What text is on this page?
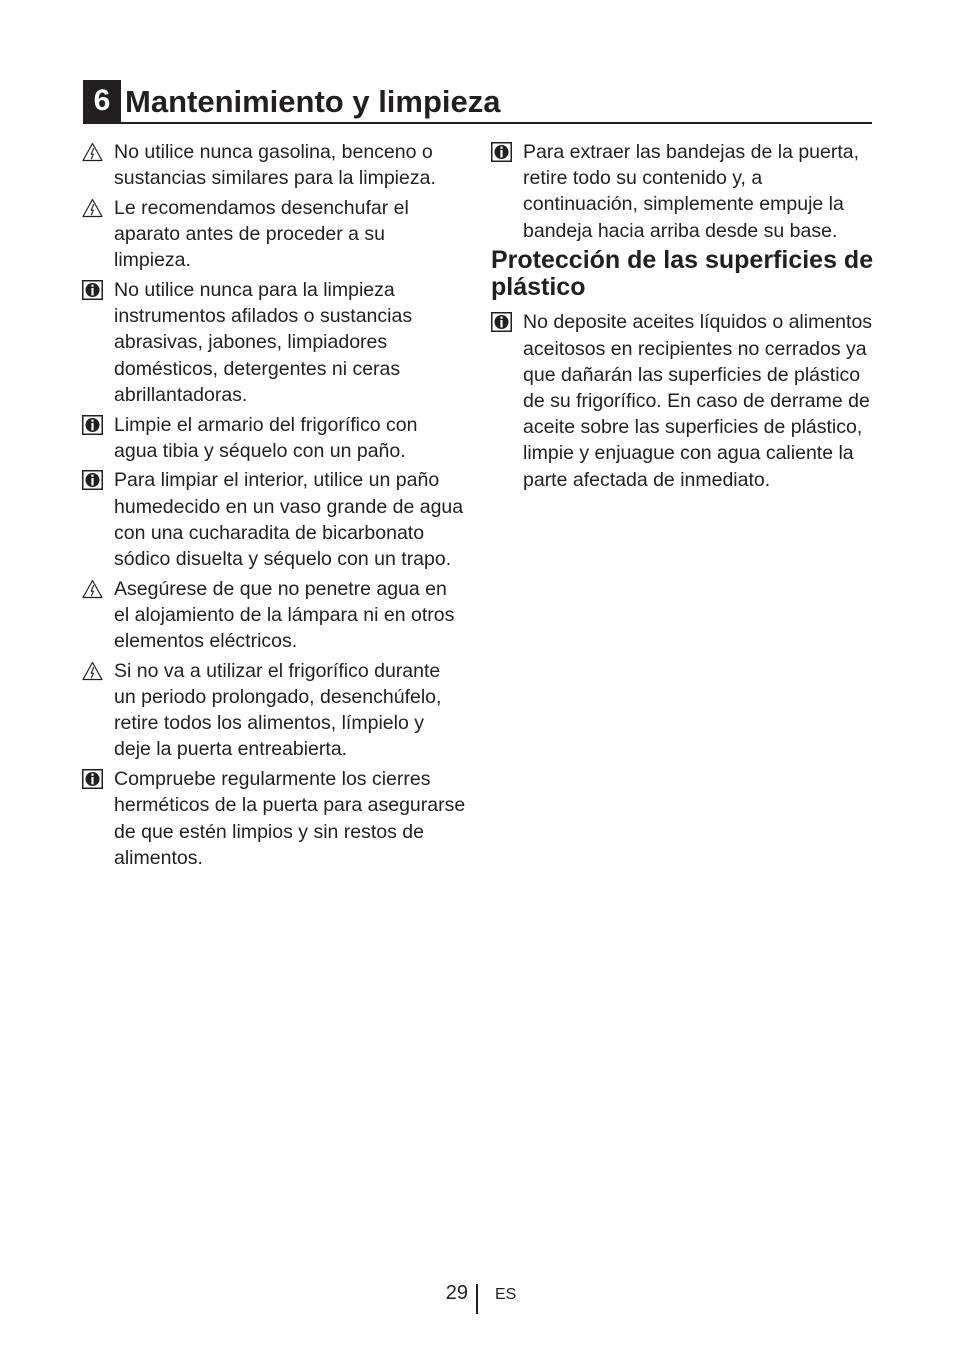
6 Mantenimiento y limpieza
No utilice nunca gasolina, benceno o sustancias similares para la limpieza.
Le recomendamos desenchufar el aparato antes de proceder a su limpieza.
No utilice nunca para la limpieza instrumentos afilados o sustancias abrasivas, jabones, limpiadores domésticos, detergentes ni ceras abrillantadoras.
Limpie el armario del frigorífico con agua tibia y séquelo con un paño.
Para limpiar el interior, utilice un paño humedecido en un vaso grande de agua con una cucharadita de bicarbonato sódico disuelta y séquelo con un trapo.
Asegúrese de que no penetre agua en el alojamiento de la lámpara ni en otros elementos eléctricos.
Si no va a utilizar el frigorífico durante un periodo prolongado, desenchúfelo, retire todos los alimentos, límpielo y deje la puerta entreabierta.
Compruebe regularmente los cierres herméticos de la puerta para asegurarse de que estén limpios y sin restos de alimentos.
Para extraer las bandejas de la puerta, retire todo su contenido y, a continuación, simplemente empuje la bandeja hacia arriba desde su base.
Protección de las superficies de plástico
No deposite aceites líquidos o alimentos aceitosos en recipientes no cerrados ya que dañarán las superficies de plástico de su frigorífico. En caso de derrame de aceite sobre las superficies de plástico, limpie y enjuague con agua caliente la parte afectada de inmediato.
29 ES
